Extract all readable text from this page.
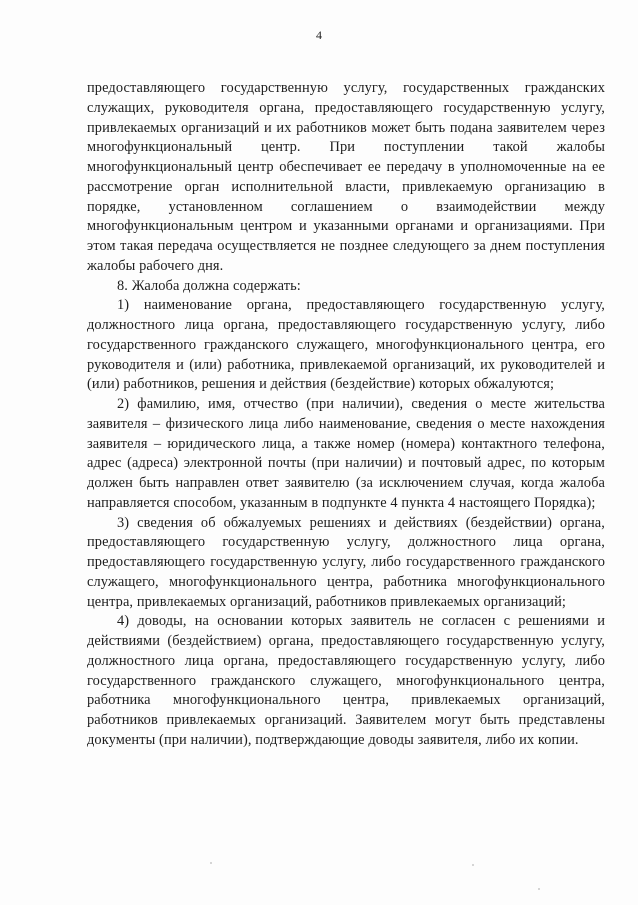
4

предоставляющего государственную услугу, государственных гражданских служащих, руководителя органа, предоставляющего государственную услугу, привлекаемых организаций и их работников может быть подана заявителем через многофункциональный центр. При поступлении такой жалобы многофункциональный центр обеспечивает ее передачу в уполномоченные на ее рассмотрение орган исполнительной власти, привлекаемую организацию в порядке, установленном соглашением о взаимодействии между многофункциональным центром и указанными органами и организациями. При этом такая передача осуществляется не позднее следующего за днем поступления жалобы рабочего дня.

8. Жалоба должна содержать:

1) наименование органа, предоставляющего государственную услугу, должностного лица органа, предоставляющего государственную услугу, либо государственного гражданского служащего, многофункционального центра, его руководителя и (или) работника, привлекаемой организаций, их руководителей и (или) работников, решения и действия (бездействие) которых обжалуются;

2) фамилию, имя, отчество (при наличии), сведения о месте жительства заявителя – физического лица либо наименование, сведения о месте нахождения заявителя – юридического лица, а также номер (номера) контактного телефона, адрес (адреса) электронной почты (при наличии) и почтовый адрес, по которым должен быть направлен ответ заявителю (за исключением случая, когда жалоба направляется способом, указанным в подпункте 4 пункта 4 настоящего Порядка);

3) сведения об обжалуемых решениях и действиях (бездействии) органа, предоставляющего государственную услугу, должностного лица органа, предоставляющего государственную услугу, либо государственного гражданского служащего, многофункционального центра, работника многофункционального центра, привлекаемых организаций, работников привлекаемых организаций;

4) доводы, на основании которых заявитель не согласен с решениями и действиями (бездействием) органа, предоставляющего государственную услугу, должностного лица органа, предоставляющего государственную услугу, либо государственного гражданского служащего, многофункционального центра, работника многофункционального центра, привлекаемых организаций, работников привлекаемых организаций. Заявителем могут быть представлены документы (при наличии), подтверждающие доводы заявителя, либо их копии.
